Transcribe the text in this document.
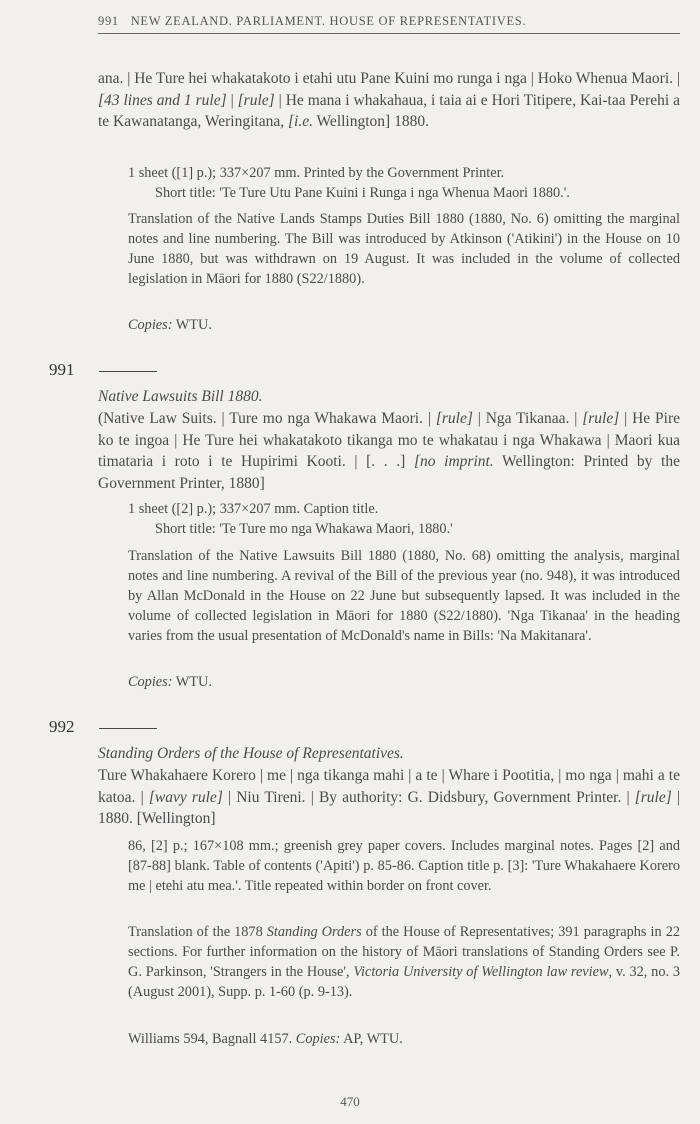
991 NEW ZEALAND. PARLIAMENT. HOUSE OF REPRESENTATIVES.
ana. | He Ture hei whakatakoto i etahi utu Pane Kuini mo runga i nga | Hoko Whenua Maori. | [43 lines and 1 rule] | [rule] | He mana i whakahaua, i taia ai e Hori Titipere, Kai-taa Perehi a te Kawanatanga, Weringitana, [i.e. Wellington] 1880.
1 sheet ([1] p.); 337×207 mm. Printed by the Government Printer.
Short title: 'Te Ture Utu Pane Kuini i Runga i nga Whenua Maori 1880.'.
Translation of the Native Lands Stamps Duties Bill 1880 (1880, No. 6) omitting the marginal notes and line numbering. The Bill was introduced by Atkinson ('Atikini') in the House on 10 June 1880, but was withdrawn on 19 August. It was included in the volume of collected legislation in Māori for 1880 (S22/1880).
Copies: WTU.
991
Native Lawsuits Bill 1880.
(Native Law Suits. | Ture mo nga Whakawa Maori. | [rule] | Nga Tikanaa. | [rule] | He Pire ko te ingoa | He Ture hei whakatakoto tikanga mo te whakatau i nga Whakawa | Maori kua timataria i roto i te Hupirimi Kooti. | [. . .] [no imprint. Wellington: Printed by the Government Printer, 1880]
1 sheet ([2] p.); 337×207 mm. Caption title.
Short title: 'Te Ture mo nga Whakawa Maori, 1880.'
Translation of the Native Lawsuits Bill 1880 (1880, No. 68) omitting the analysis, marginal notes and line numbering. A revival of the Bill of the previous year (no. 948), it was introduced by Allan McDonald in the House on 22 June but subsequently lapsed. It was included in the volume of collected legislation in Māori for 1880 (S22/1880). 'Nga Tikanaa' in the heading varies from the usual presentation of McDonald's name in Bills: 'Na Makitanara'.
Copies: WTU.
992
Standing Orders of the House of Representatives.
Ture Whakahaere Korero | me | nga tikanga mahi | a te | Whare i Pootitia, | mo nga | mahi a te katoa. | [wavy rule] | Niu Tireni. | By authority: G. Didsbury, Government Printer. | [rule] | 1880. [Wellington]
86, [2] p.; 167×108 mm.; greenish grey paper covers. Includes marginal notes. Pages [2] and [87-88] blank. Table of contents ('Apiti') p. 85-86. Caption title p. [3]: 'Ture Whakahaere Korero me | etehi atu mea.'. Title repeated within border on front cover.
Translation of the 1878 Standing Orders of the House of Representatives; 391 paragraphs in 22 sections. For further information on the history of Māori translations of Standing Orders see P. G. Parkinson, 'Strangers in the House', Victoria University of Wellington law review, v. 32, no. 3 (August 2001), Supp. p. 1-60 (p. 9-13).
Williams 594, Bagnall 4157. Copies: AP, WTU.
470
